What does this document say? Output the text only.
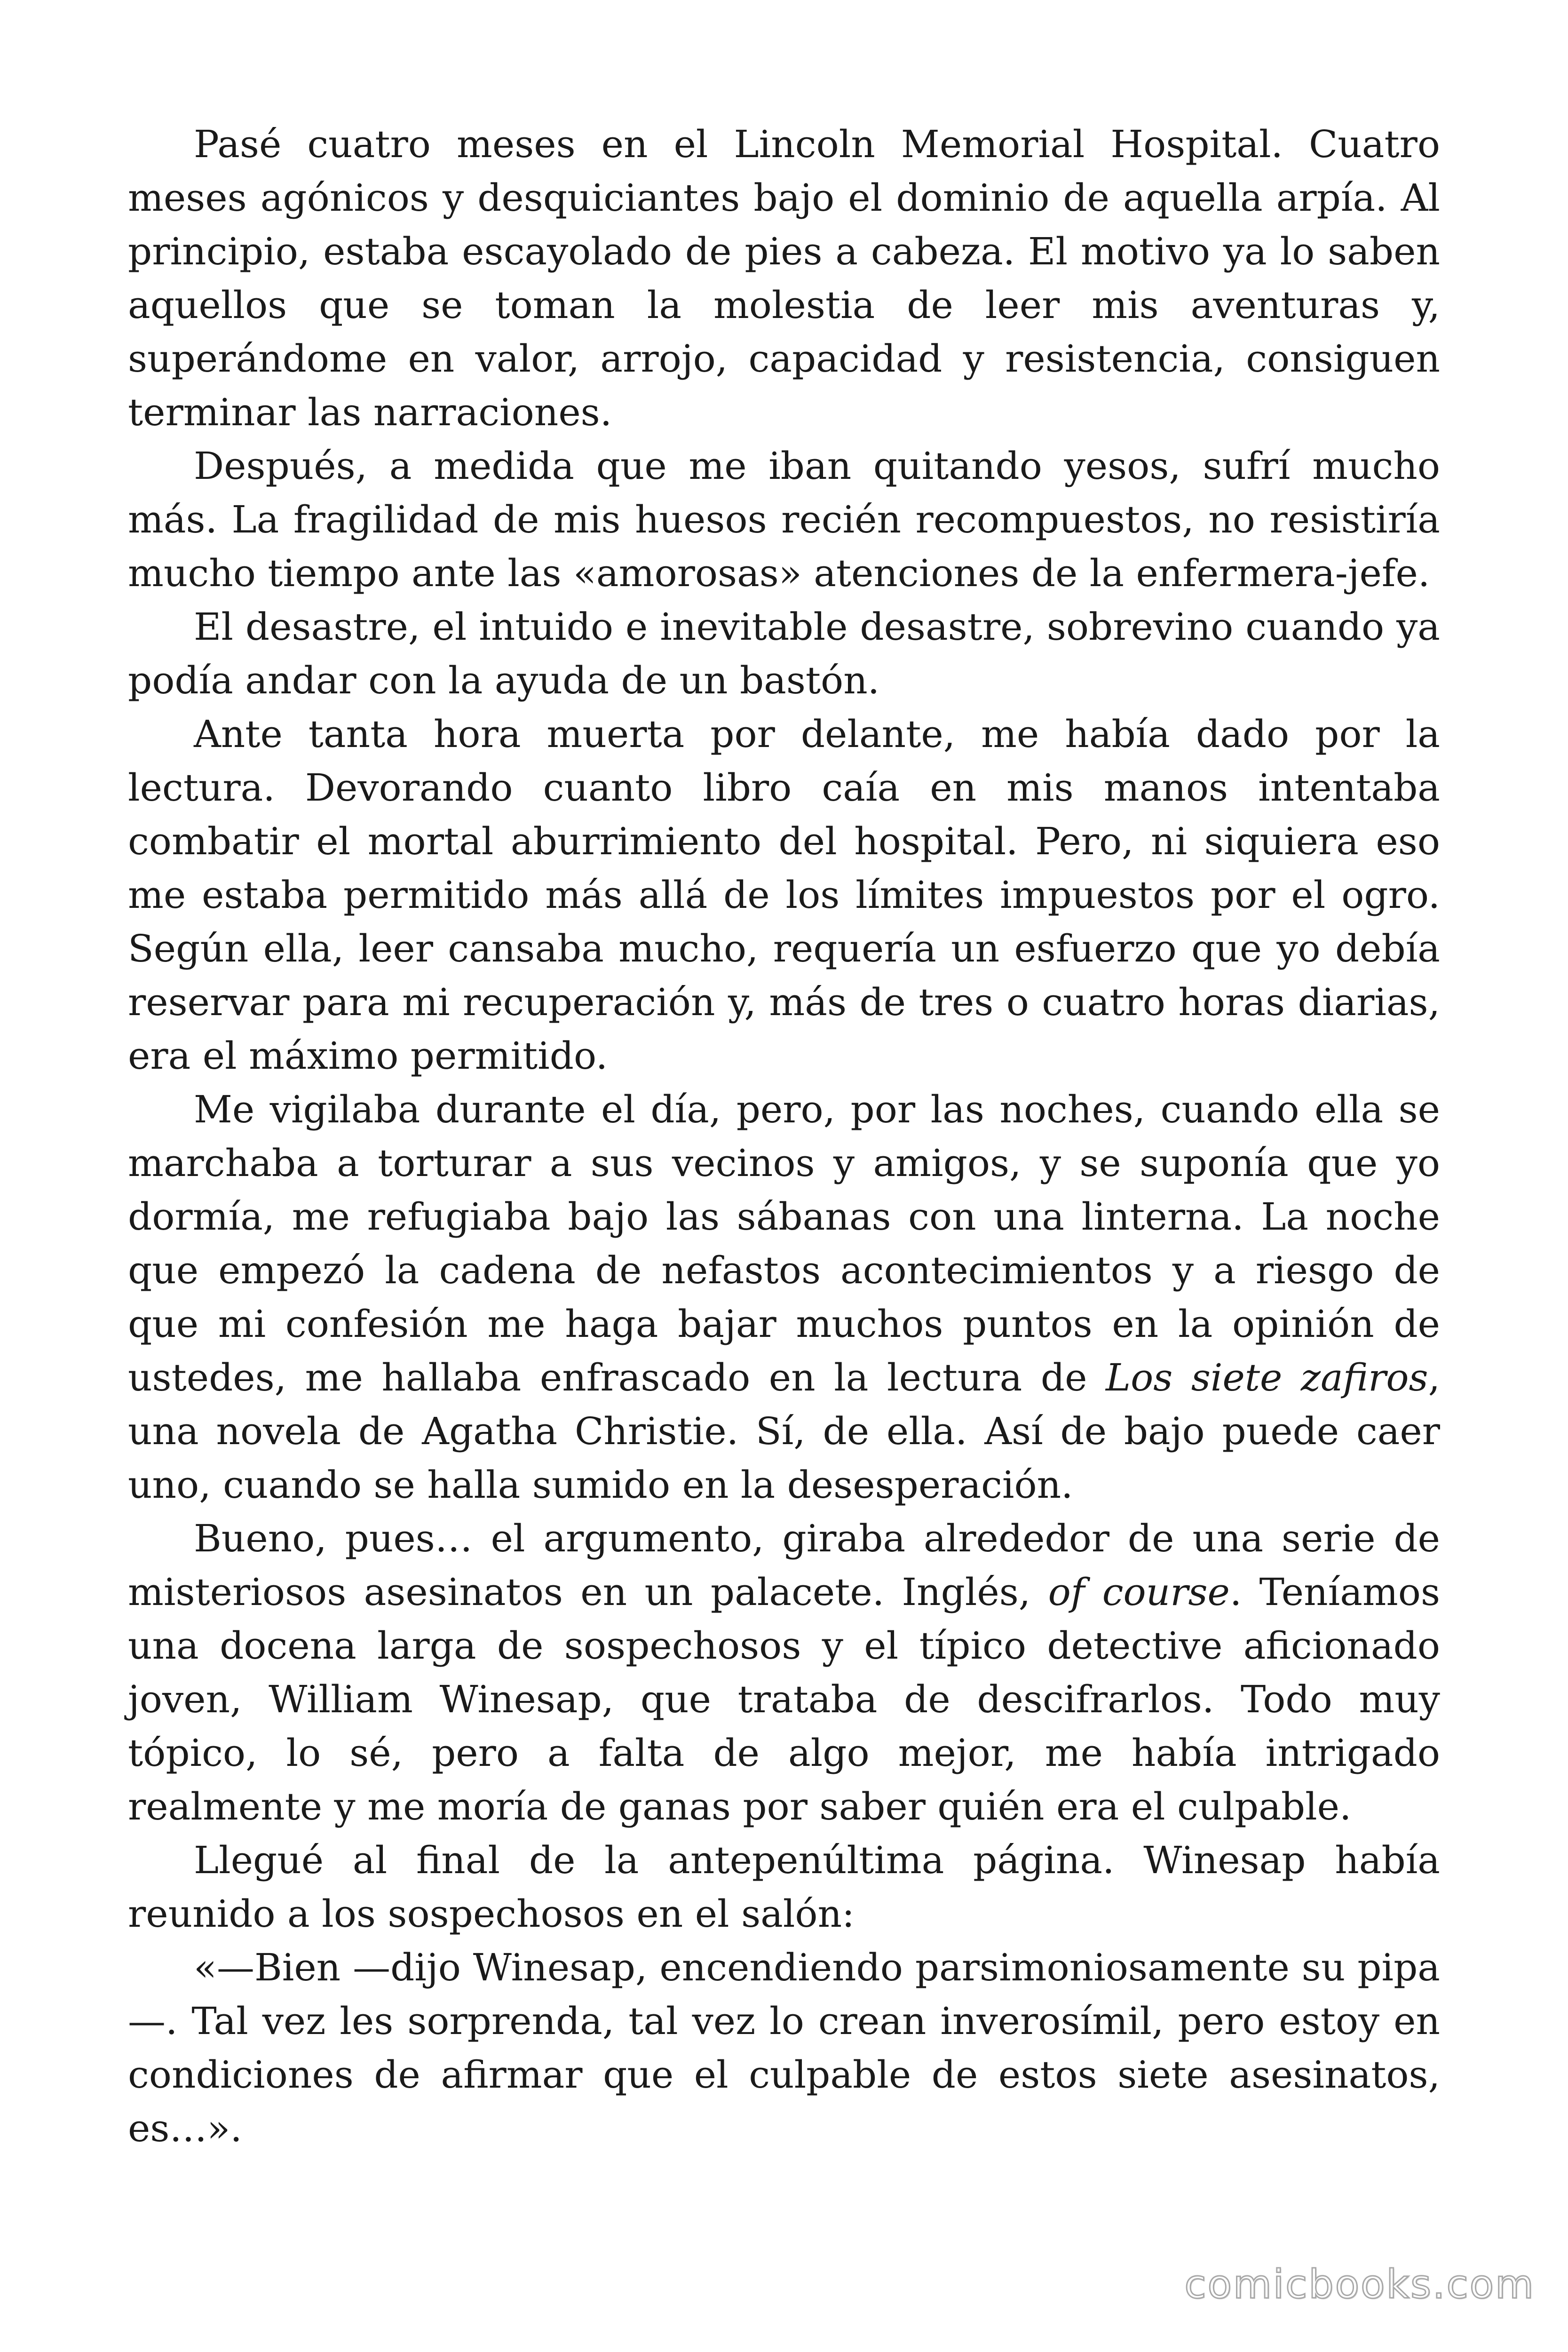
Pasé cuatro meses en el Lincoln Memorial Hospital. Cuatro meses agónicos y desquiciantes bajo el dominio de aquella arpía. Al principio, estaba escayolado de pies a cabeza. El motivo ya lo saben aquellos que se toman la molestia de leer mis aventuras y, superándome en valor, arrojo, capacidad y resistencia, consiguen terminar las narraciones.

Después, a medida que me iban quitando yesos, sufrí mucho más. La fragilidad de mis huesos recién recompuestos, no resistiría mucho tiempo ante las «amorosas» atenciones de la enfermera-jefe.

El desastre, el intuido e inevitable desastre, sobrevino cuando ya podía andar con la ayuda de un bastón.

Ante tanta hora muerta por delante, me había dado por la lectura. Devorando cuanto libro caía en mis manos intentaba combatir el mortal aburrimiento del hospital. Pero, ni siquiera eso me estaba permitido más allá de los límites impuestos por el ogro. Según ella, leer cansaba mucho, requería un esfuerzo que yo debía reservar para mi recuperación y, más de tres o cuatro horas diarias, era el máximo permitido.

Me vigilaba durante el día, pero, por las noches, cuando ella se marchaba a torturar a sus vecinos y amigos, y se suponía que yo dormía, me refugiaba bajo las sábanas con una linterna. La noche que empezó la cadena de nefastos acontecimientos y a riesgo de que mi confesión me haga bajar muchos puntos en la opinión de ustedes, me hallaba enfrascado en la lectura de Los siete zafiros, una novela de Agatha Christie. Sí, de ella. Así de bajo puede caer uno, cuando se halla sumido en la desesperación.

Bueno, pues… el argumento, giraba alrededor de una serie de misteriosos asesinatos en un palacete. Inglés, of course. Teníamos una docena larga de sospechosos y el típico detective aficionado joven, William Winesap, que trataba de descifrarlos. Todo muy tópico, lo sé, pero a falta de algo mejor, me había intrigado realmente y me moría de ganas por saber quién era el culpable.

Llegué al final de la antepenúltima página. Winesap había reunido a los sospechosos en el salón:

«—Bien —dijo Winesap, encendiendo parsimoniosamente su pipa—. Tal vez les sorprenda, tal vez lo crean inverosímil, pero estoy en condiciones de afirmar que el culpable de estos siete asesinatos, es…».

comicbooks.com
